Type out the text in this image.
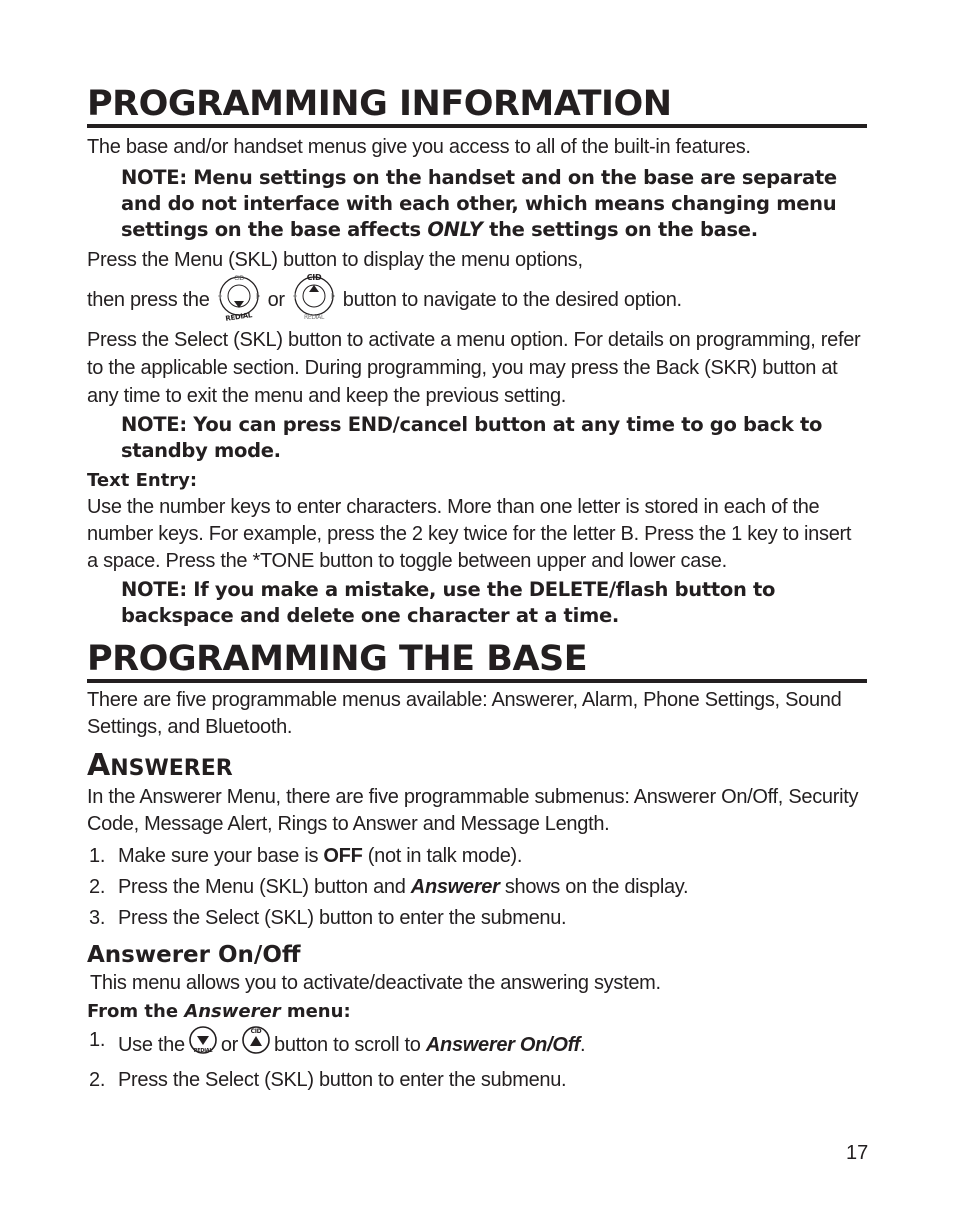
PROGRAMMING INFORMATION

The base and/or handset menus give you access to all of the built-in features.

NOTE: Menu settings on the handset and on the base are separate and do not interface with each other, which means changing menu settings on the base affects ONLY the settings on the base.

Press the Menu (SKL) button to display the menu options,

then press the
CID
REDIAL
or
CID
REDIAL
button to navigate to the desired option.

Press the Select (SKL) button to activate a menu option. For details on programming, refer to the applicable section. During programming, you may press the Back (SKR) button at any time to exit the menu and keep the previous setting.

NOTE: You can press END/cancel button at any time to go back to standby mode.

Text Entry:

Use the number keys to enter characters. More than one letter is stored in each of the number keys. For example, press the 2 key twice for the letter B. Press the 1 key to insert a space. Press the *TONE button to toggle between upper and lower case.

NOTE: If you make a mistake, use the DELETE/flash button to backspace and delete one character at a time.

PROGRAMMING THE BASE

There are five programmable menus available: Answerer, Alarm, Phone Settings, Sound Settings, and Bluetooth.

ANSWERER

In the Answerer Menu, there are five programmable submenus: Answerer On/Off, Security Code, Message Alert, Rings to Answer and Message Length.

1. Make sure your base is OFF (not in talk mode).
2. Press the Menu (SKL) button and Answerer shows on the display.
3. Press the Select (SKL) button to enter the submenu.

Answerer On/Off

This menu allows you to activate/deactivate the answering system.

From the Answerer menu:

1. Use the REDIAL or
CID
button to scroll to Answerer On/Off.
2. Press the Select (SKL) button to enter the submenu.
17
